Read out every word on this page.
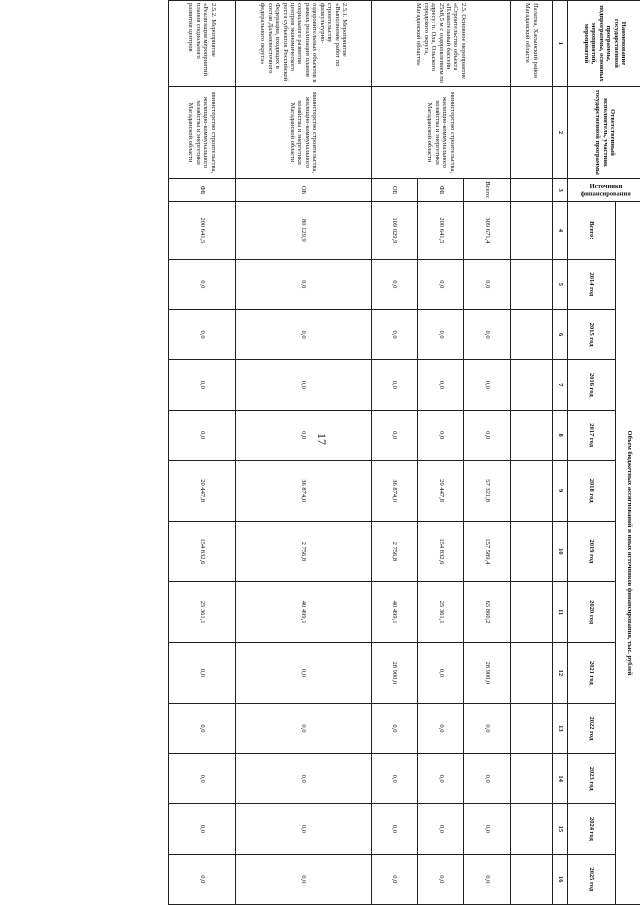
17
Наименование государственной программы, подпрограммы, основных мероприятий, мероприятий	Ответственный исполнитель, участник государственной программы	Источники финансирования	Объем бюджетных ассигнований и иных источников финансирования, тыс. рублей												
			Всего:	2014 год	2015 год	2016 год	2017 год	2018 год	2019 год	2020 год	2021 год	2022 год	2023 год	2024 год	2025 год
1	2	3	4	5	6	7	8	9	10	11	12	13	14	15	16
Палатка, Хасынский район Магаданской области															
2.5. Основное мероприятие «Строительство объекта «Плавательный бассейн 25х8,5 м с оздоровлением по адресу: п. Ола, Ольского городского округа, Магаданской области»	министерство строительства, жилищно-коммунального хозяйства и энергетики Магаданской области	Всего:	309 671,4	0,0	0,0	0,0	0,0	57 321,8	157 589,4	65 860,2	28 900,0	0,0	0,0	0,0	0,0
		ФБ	200 641,5	0,0	0,0	0,0	0,0	20 447,8	154 832,6	25 361,1	0,0	0,0	0,0	0,0	0,0
		ОБ	109 029,9	0,0	0,0	0,0	0,0	36 874,0	2 756,8	40 499,1	28 900,0	0,0	0,0	0,0	0,0
2.5.1. Мероприятие «Выполнение работ по строительству физкультурно-оздоровительных объектов в рамках реализации планов социального развития центров экономического роста субъектов Российской Федерации, входящих в состав Дальневосточного федерального округа»	министерство строительства, жилищно-коммунального хозяйства и энергетики Магаданской области	ОБ	80 129,9	0,0	0,0	0,0	0,0	36 874,0	2 756,8	40 499,1	0,0	0,0	0,0	0,0	0,0
2.5.2. Мероприятие «Реализация мероприятий планов социального развития центров	министерство строительства, жилищно-коммунального хозяйства и энергетики Магаданской области	ФБ	200 641,5	0,0	0,0	0,0	0,0	20 447,8	154 832,6	25 361,1	0,0	0,0	0,0	0,0	0,0
